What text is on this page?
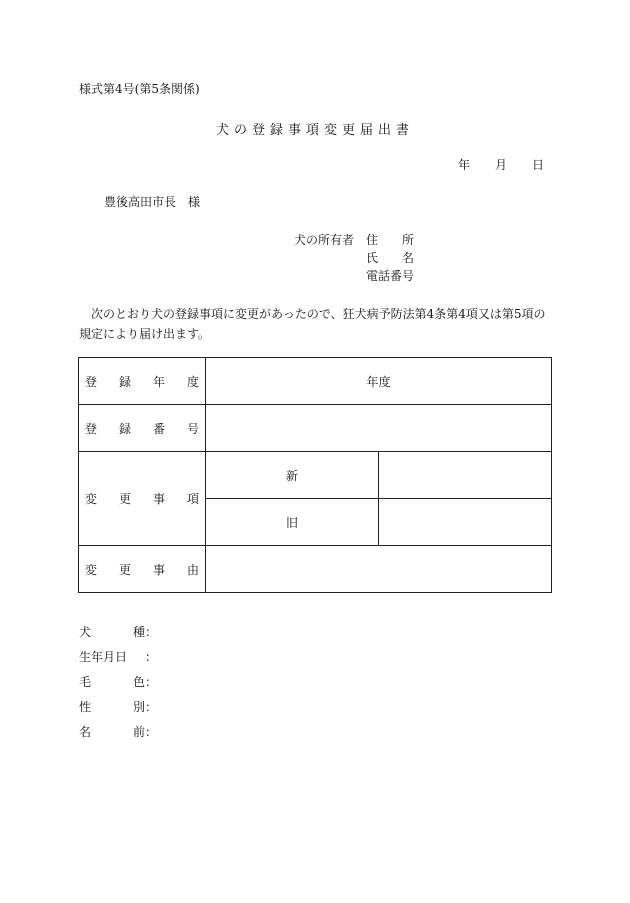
様式第4号(第5条関係)
犬の登録事項変更届出書
年 月 日
豊後高田市長　様
犬の所有者 住　　所
氏　　名
電話番号
次のとおり犬の登録事項に変更があったので、狂犬病予防法第4条第4項又は第5項の規定により届け出ます。
登 録 年 度	年度	

登 録 番 号		

変 更 事 項	新	
	旧	

変 更 事 由		

犬	種 ：
生年月日 ：
毛	色 ：
性	別 ：
名	前 ：
